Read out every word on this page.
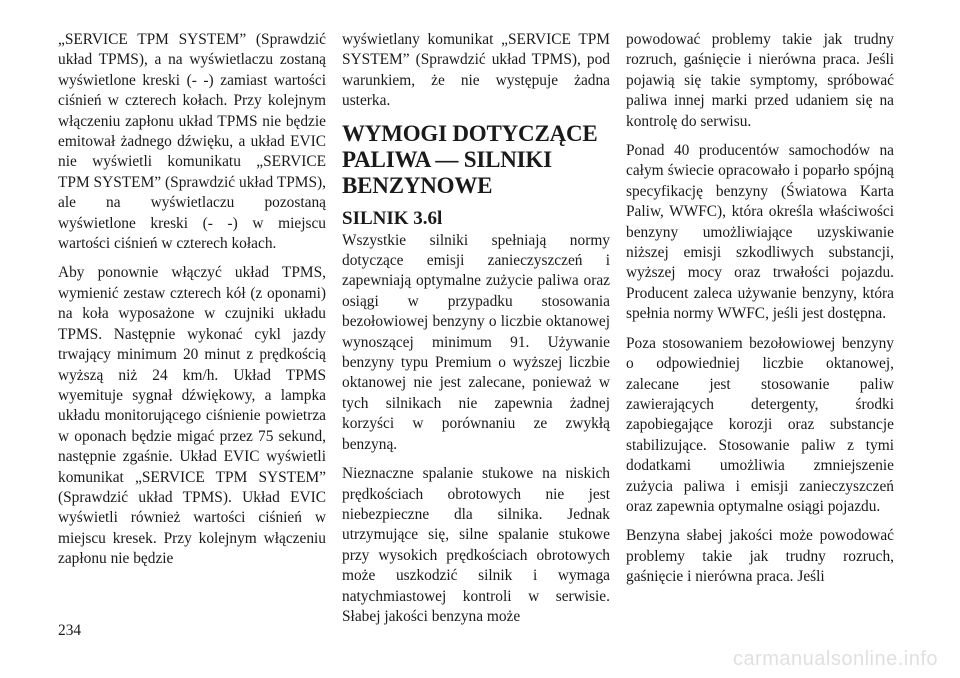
„SERVICE TPM SYSTEM” (Sprawdzić układ TPMS), a na wyświetlaczu zostaną wyświetlone kreski (- -) zamiast wartości ciśnień w czterech kołach. Przy kolejnym włączeniu zapłonu układ TPMS nie będzie emitował żadnego dźwięku, a układ EVIC nie wyświetli komunikatu „SERVICE TPM SYSTEM” (Sprawdzić układ TPMS), ale na wyświetlaczu pozostaną wyświetlone kreski (- -) w miejscu wartości ciśnień w czterech kołach.

Aby ponownie włączyć układ TPMS, wymienić zestaw czterech kół (z oponami) na koła wyposażone w czujniki układu TPMS. Następnie wykonać cykl jazdy trwający minimum 20 minut z prędkością wyższą niż 24 km/h. Układ TPMS wyemituje sygnał dźwiękowy, a lampka układu monitorującego ciśnienie powietrza w oponach będzie migać przez 75 sekund, następnie zgaśnie. Układ EVIC wyświetli komunikat „SERVICE TPM SYSTEM” (Sprawdzić układ TPMS). Układ EVIC wyświetli również wartości ciśnień w miejscu kresek. Przy kolejnym włączeniu zapłonu nie będzie

wyświetlany komunikat „SERVICE TPM SYSTEM” (Sprawdzić układ TPMS), pod warunkiem, że nie występuje żadna usterka.

WYMOGI DOTYCZĄCE PALIWA — SILNIKI BENZYNOWE
SILNIK 3.6l

Wszystkie silniki spełniają normy dotyczące emisji zanieczyszczeń i zapewniają optymalne zużycie paliwa oraz osiągi w przypadku stosowania bezołowiowej benzyny o liczbie oktanowej wynoszącej minimum 91. Używanie benzyny typu Premium o wyższej liczbie oktanowej nie jest zalecane, ponieważ w tych silnikach nie zapewnia żadnej korzyści w porównaniu ze zwykłą benzyną.

Nieznaczne spalanie stukowe na niskich prędkościach obrotowych nie jest niebezpieczne dla silnika. Jednak utrzymujące się, silne spalanie stukowe przy wysokich prędkościach obrotowych może uszkodzić silnik i wymaga natychmiastowej kontroli w serwisie. Słabej jakości benzyna może

powodować problemy takie jak trudny rozruch, gaśnięcie i nierówna praca. Jeśli pojawią się takie symptomy, spróbować paliwa innej marki przed udaniem się na kontrolę do serwisu.

Ponad 40 producentów samochodów na całym świecie opracowało i poparło spójną specyfikację benzyny (Światowa Karta Paliw, WWFC), która określa właściwości benzyny umożliwiające uzyskiwanie niższej emisji szkodliwych substancji, wyższej mocy oraz trwałości pojazdu. Producent zaleca używanie benzyny, która spełnia normy WWFC, jeśli jest dostępna.

Poza stosowaniem bezołowiowej benzyny o odpowiedniej liczbie oktanowej, zalecane jest stosowanie paliw zawierających detergenty, środki zapobiegające korozji oraz substancje stabilizujące. Stosowanie paliw z tymi dodatkami umożliwia zmniejszenie zużycia paliwa i emisji zanieczyszczeń oraz zapewnia optymalne osiągi pojazdu.

Benzyna słabej jakości może powodować problemy takie jak trudny rozruch, gaśnięcie i nierówna praca. Jeśli

234
carmanualsonline.info
